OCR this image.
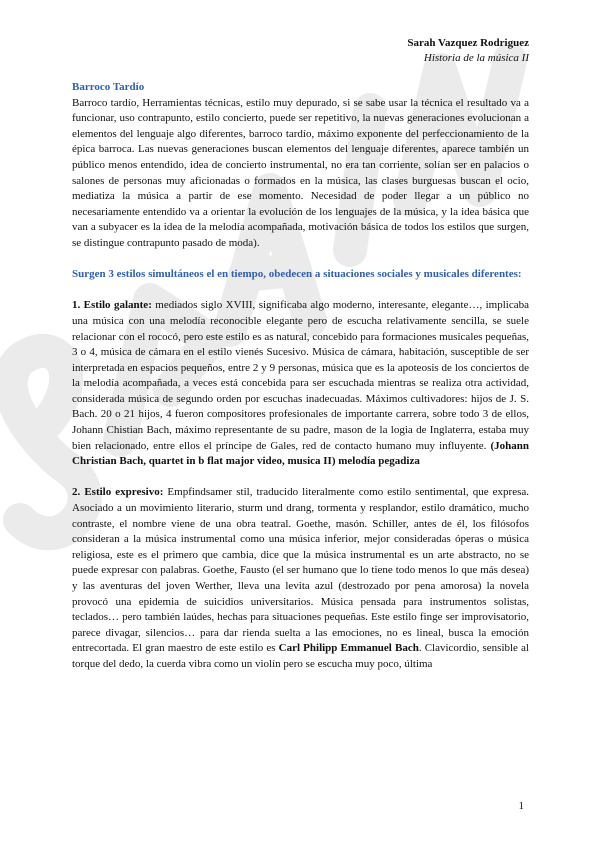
Sarah Vazquez Rodriguez
Historia de la música II

Barroco Tardío

Barroco tardío, Herramientas técnicas, estilo muy depurado, si se sabe usar la técnica el resultado va a funcionar, uso contrapunto, estilo concierto, puede ser repetitivo, la nuevas generaciones evolucionan a elementos del lenguaje algo diferentes, barroco tardío, máximo exponente del perfeccionamiento de la épica barroca. Las nuevas generaciones buscan elementos del lenguaje diferentes, aparece también un público menos entendido, idea de concierto instrumental, no era tan corriente, solían ser en palacios o salones de personas muy aficionadas o formados en la música, las clases burguesas buscan el ocio, mediatiza la música a partir de ese momento. Necesidad de poder llegar a un público no necesariamente entendido va a orientar la evolución de los lenguajes de la música, y la idea básica que van a subyacer es la idea de la melodía acompañada, motivación básica de todos los estilos que surgen, se distingue contrapunto pasado de moda).

Surgen 3 estilos simultáneos el en tiempo, obedecen a situaciones sociales y musicales diferentes:

1. Estilo galante: mediados siglo XVIII, significaba algo moderno, interesante, elegante…, implicaba una música con una melodía reconocible elegante pero de escucha relativamente sencilla, se suele relacionar con el rococó, pero este estilo es as natural, concebido para formaciones musicales pequeñas, 3 o 4, música de cámara en el estilo vienés Sucesivo. Música de cámara, habitación, susceptible de ser interpretada en espacios pequeños, entre 2 y 9 personas, música que es la apoteosis de los conciertos de la melodía acompañada, a veces está concebida para ser escuchada mientras se realiza otra actividad, considerada música de segundo orden por escuchas inadecuadas. Máximos cultivadores: hijos de J. S. Bach. 20 o 21 hijos, 4 fueron compositores profesionales de importante carrera, sobre todo 3 de ellos, Johann Chistian Bach, máximo representante de su padre, mason de la logia de Inglaterra, estaba muy bien relacionado, entre ellos el príncipe de Gales, red de contacto humano muy influyente. (Johann Christian Bach, quartet in b flat major video, musica II) melodía pegadiza

2. Estilo expresivo: Empfindsamer stil, traducido literalmente como estilo sentimental, que expresa. Asociado a un movimiento literario, sturm und drang, tormenta y resplandor, estilo dramático, mucho contraste, el nombre viene de una obra teatral. Goethe, masón. Schiller, antes de él, los filósofos consideran a la música instrumental como una música inferior, mejor consideradas óperas o música religiosa, este es el primero que cambia, dice que la música instrumental es un arte abstracto, no se puede expresar con palabras. Goethe, Fausto (el ser humano que lo tiene todo menos lo que más desea) y las aventuras del joven Werther, lleva una levita azul (destrozado por pena amorosa) la novela provocó una epidemia de suicidios universitarios. Música pensada para instrumentos solistas, teclados… pero también laúdes, hechas para situaciones pequeñas. Este estilo finge ser improvisatorio, parece divagar, silencios… para dar rienda suelta a las emociones, no es lineal, busca la emoción entrecortada. El gran maestro de este estilo es Carl Philipp Emmanuel Bach. Clavicordio, sensible al torque del dedo, la cuerda vibra como un violín pero se escucha muy poco, última

1
